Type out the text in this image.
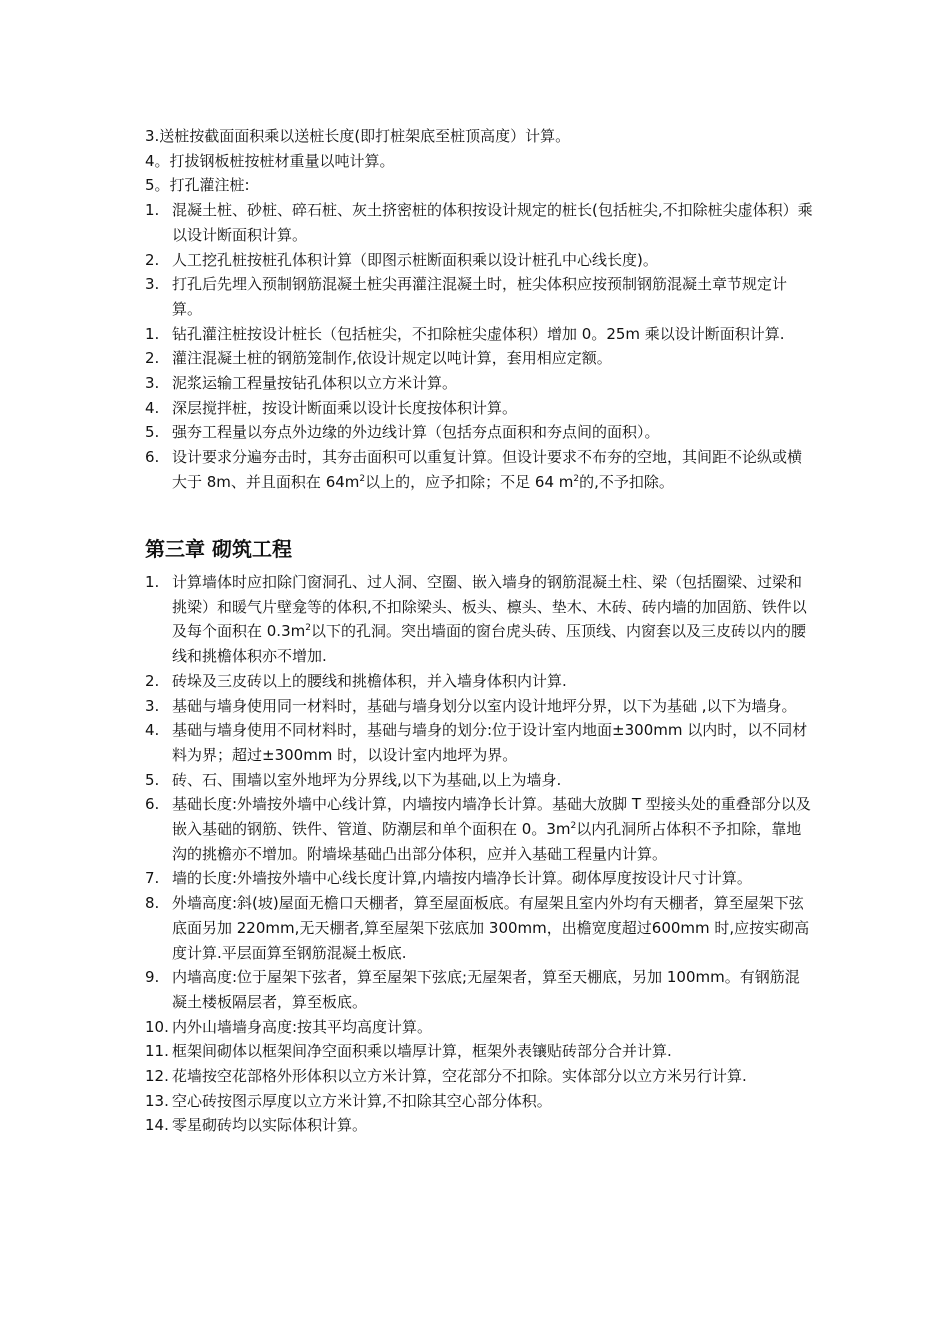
3.送桩按截面面积乘以送桩长度(即打桩架底至桩顶高度）计算。
4。打拔钢板桩按桩材重量以吨计算。
5。打孔灌注桩:
1. 混凝土桩、砂桩、碎石桩、灰土挤密桩的体积按设计规定的桩长(包括桩尖,不扣除桩尖虚体积）乘以设计断面积计算。
2. 人工挖孔桩按桩孔体积计算（即图示桩断面积乘以设计桩孔中心线长度)。
3. 打孔后先埋入预制钢筋混凝土桩尖再灌注混凝土时，桩尖体积应按预制钢筋混凝土章节规定计算。
1. 钻孔灌注桩按设计桩长（包括桩尖，不扣除桩尖虚体积）增加 0。25m 乘以设计断面积计算.
2. 灌注混凝土桩的钢筋笼制作,依设计规定以吨计算，套用相应定额。
3. 泥浆运输工程量按钻孔体积以立方米计算。
4. 深层搅拌桩，按设计断面乘以设计长度按体积计算。
5. 强夯工程量以夯点外边缘的外边线计算（包括夯点面积和夯点间的面积）。
6. 设计要求分遍夯击时，其夯击面积可以重复计算。但设计要求不布夯的空地，其间距不论纵或横大于 8m、并且面积在 $64m^2$以上的，应予扣除；不足 64 $m^2$的,不予扣除。
第三章 砌筑工程
1. 计算墙体时应扣除门窗洞孔、过人洞、空圈、嵌入墙身的钢筋混凝土柱、梁（包括圈梁、过梁和挑梁）和暖气片壁龛等的体积,不扣除梁头、板头、檩头、垫木、木砖、砖内墙的加固筋、铁件以及每个面积在 $0.3m^2$以下的孔洞。突出墙面的窗台虎头砖、压顶线、内窗套以及三皮砖以内的腰线和挑檐体积亦不增加.
2. 砖垛及三皮砖以上的腰线和挑檐体积，并入墙身体积内计算.
3. 基础与墙身使用同一材料时，基础与墙身划分以室内设计地坪分界，以下为基础 ,以下为墙身。
4. 基础与墙身使用不同材料时，基础与墙身的划分:位于设计室内地面±300mm 以内时，以不同材料为界；超过±300mm 时，以设计室内地坪为界。
5. 砖、石、围墙以室外地坪为分界线,以下为基础,以上为墙身.
6. 基础长度:外墙按外墙中心线计算，内墙按内墙净长计算。基础大放脚 T 型接头处的重叠部分以及嵌入基础的钢筋、铁件、管道、防潮层和单个面积在 0。$3m^2$以内孔洞所占体积不予扣除，靠地沟的挑檐亦不增加。附墙垛基础凸出部分体积，应并入基础工程量内计算。
7. 墙的长度:外墙按外墙中心线长度计算,内墙按内墙净长计算。砌体厚度按设计尺寸计算。
8. 外墙高度:斜(坡)屋面无檐口天棚者，算至屋面板底。有屋架且室内外均有天棚者，算至屋架下弦底面另加 220mm,无天棚者,算至屋架下弦底加 300mm，出檐宽度超过600mm 时,应按实砌高度计算.平层面算至钢筋混凝土板底.
9. 内墙高度:位于屋架下弦者，算至屋架下弦底;无屋架者，算至天棚底，另加 100mm。有钢筋混凝土楼板隔层者，算至板底。
10. 内外山墙墙身高度:按其平均高度计算。
11. 框架间砌体以框架间净空面积乘以墙厚计算，框架外表镶贴砖部分合并计算.
12. 花墙按空花部格外形体积以立方米计算，空花部分不扣除。实体部分以立方米另行计算.
13. 空心砖按图示厚度以立方米计算,不扣除其空心部分体积。
14. 零星砌砖均以实际体积计算。
